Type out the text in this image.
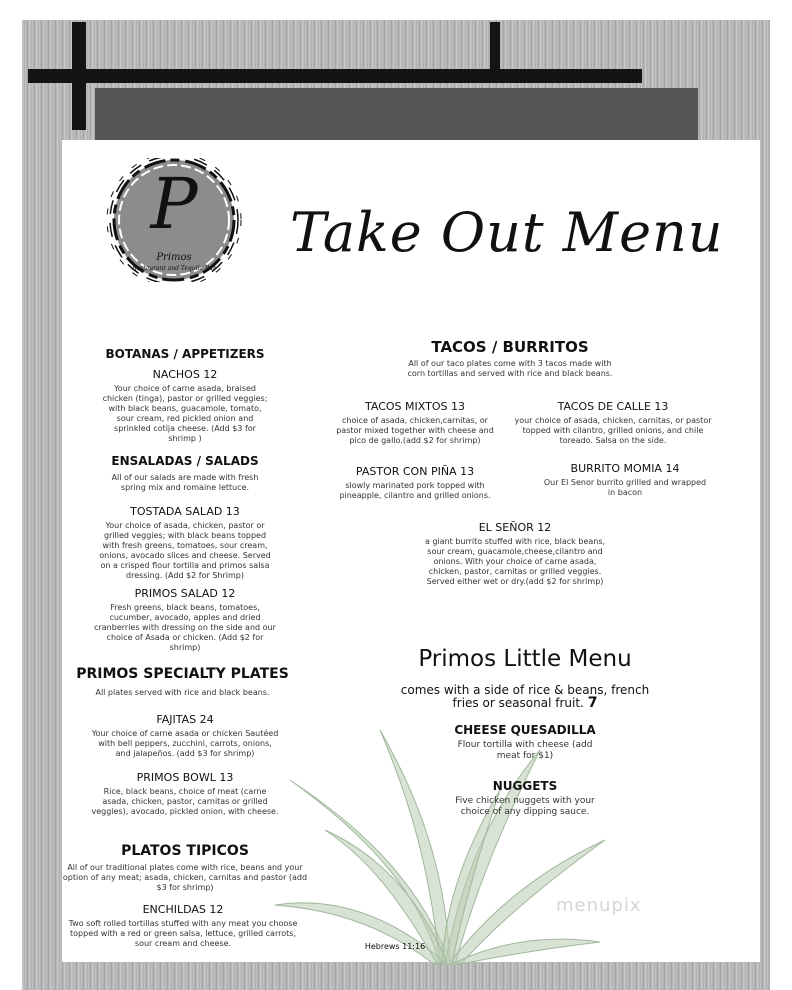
P
Primos
Restaurant and Tequila Bar
Take Out Menu
BOTANAS / APPETIZERS
NACHOS 12
Your choice of carne asada, braised chicken (tinga), pastor or grilled veggies; with black beans, guacamole, tomato, sour cream, red pickled onion and sprinkled cotija cheese. (Add $3 for shrimp )
ENSALADAS / SALADS
All of our salads are made with fresh spring mix and romaine lettuce.
TOSTADA SALAD 13
Your choice of asada, chicken, pastor or grilled veggies; with black beans topped with fresh greens, tomatoes, sour cream, onions, avocado slices and cheese. Served on a crisped flour tortilla and primos salsa dressing. (Add $2 for Shrimp)
PRIMOS SALAD 12
Fresh greens, black beans, tomatoes, cucumber, avocado, apples and dried cranberries with dressing on the side and our choice of Asada or chicken. (Add $2 for shrimp)
PRIMOS SPECIALTY PLATES
All plates served with rice and black beans.
FAJITAS 24
Your choice of carne asada or chicken Sautéed with bell peppers, zucchini, carrots, onions, and jalapeños. (add $3 for shrimp)
PRIMOS BOWL 13
Rice, black beans, choice of meat (carne asada, chicken, pastor, carnitas or grilled veggies), avocado, pickled onion, with cheese.
PLATOS TIPICOS
All of our traditional plates come with rice, beans and your option of any meat; asada, chicken, carnitas and pastor (add $3 for shrimp)
ENCHILDAS 12
Two soft rolled tortillas stuffed with any meat you choose topped with a red or green salsa, lettuce, grilled carrots, sour cream and cheese.
TACOS / BURRITOS
All of our taco plates come with 3 tacos made with corn tortillas and served with rice and black beans.
TACOS MIXTOS 13
choice of asada, chicken,carnitas, or pastor mixed together with cheese and pico de gallo.(add $2 for shrimp)
TACOS DE CALLE 13
your choice of asada, chicken, carnitas, or pastor topped with cilantro, grilled onions, and chile toreado. Salsa on the side.
PASTOR CON PIÑA 13
slowly marinated pork topped with pineapple, cilantro and grilled onions.
BURRITO MOMIA 14
Our El Senor burrito grilled and wrapped in bacon
EL SEÑOR 12
a giant burrito stuffed with rice, black beans, sour cream, guacamole,cheese,cilantro and onions. With your choice of carne asada, chicken, pastor, carnitas or grilled veggies. Served either wet or dry.(add $2 for shrimp)
Primos Little Menu
comes with a side of rice & beans, french fries or seasonal fruit. 7
CHEESE QUESADILLA
Flour tortilla with cheese (add meat for $1)
NUGGETS
Five chicken nuggets with your choice of any dipping sauce.
Hebrews 11:16
menupix
